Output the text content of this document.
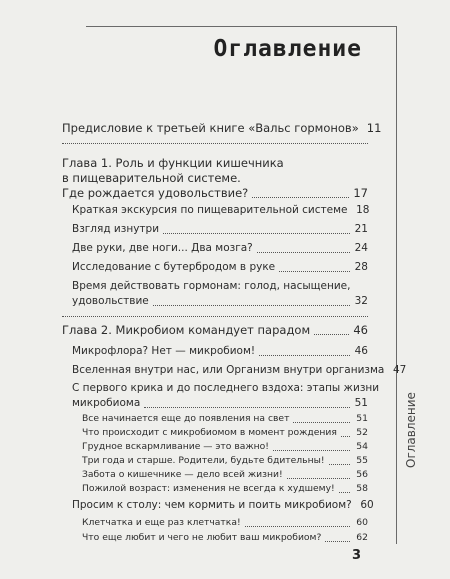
Оглавление
Оглавление
3
Предисловие к третьей книге «Вальс гормонов» 11
Глава 1. Роль и функции кишечника
в пищеварительной системе.
Где рождается удовольствие?	17
Краткая экскурсия по пищеварительной системе 18
Взгляд изнутри	21
Две руки, две ноги... Два мозга?	24
Исследование с бутербродом в руке	28
Время действовать гормонам: голод, насыщение,
удовольствие	32
Глава 2. Микробиом командует парадом	46
Микрофлора? Нет — микробиом!	46
Вселенная внутри нас, или Организм внутри организма 47
С первого крика и до последнего вздоха: этапы жизни
микробиома	51
Все начинается еще до появления на свет	51
Что происходит с микробиомом в момент рождения 52
Грудное вскармливание — это важно!	54
Три года и старше. Родители, будьте бдительны!	55
Забота о кишечнике — дело всей жизни!	56
Пожилой возраст: изменения не всегда к худшему! 58
Просим к столу: чем кормить и поить микробиом? 60
Клетчатка и еще раз клетчатка!	60
Что еще любит и чего не любит ваш микробиом?	62
